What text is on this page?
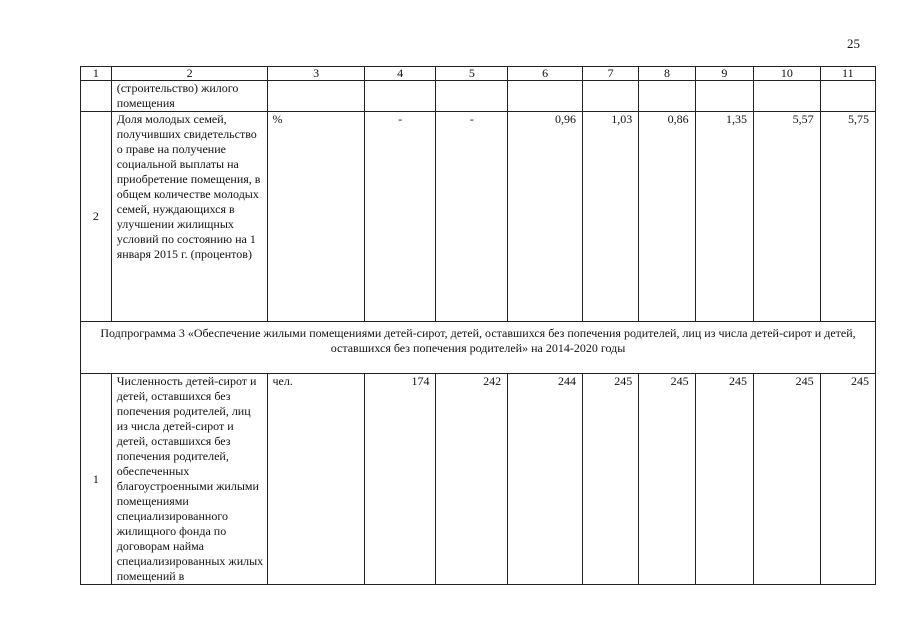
25
1	2	3	4	5	6	7	8	9	10	11
	(строительство) жилого помещения									
2	Доля молодых семей, получивших свидетельство о праве на получение социальной выплаты на приобретение помещения, в общем количестве молодых семей, нуждающихся в улучшении жилищных условий по состоянию на 1 января 2015 г. (процентов)	%	-	-	0,96	1,03	0,86	1,35	5,57	5,75
Подпрограмма 3 «Обеспечение жилыми помещениями детей-сирот, детей, оставшихся без попечения родителей, лиц из числа детей-сирот и детей, оставшихся без попечения родителей» на 2014-2020 годы										
1	Численность детей-сирот и детей, оставшихся без попечения родителей, лиц из числа детей-сирот и детей, оставшихся без попечения родителей, обеспеченных благоустроенными жилыми помещениями специализированного жилищного фонда по договорам найма специализированных жилых помещений в	чел.	174	242	244	245	245	245	245	245
